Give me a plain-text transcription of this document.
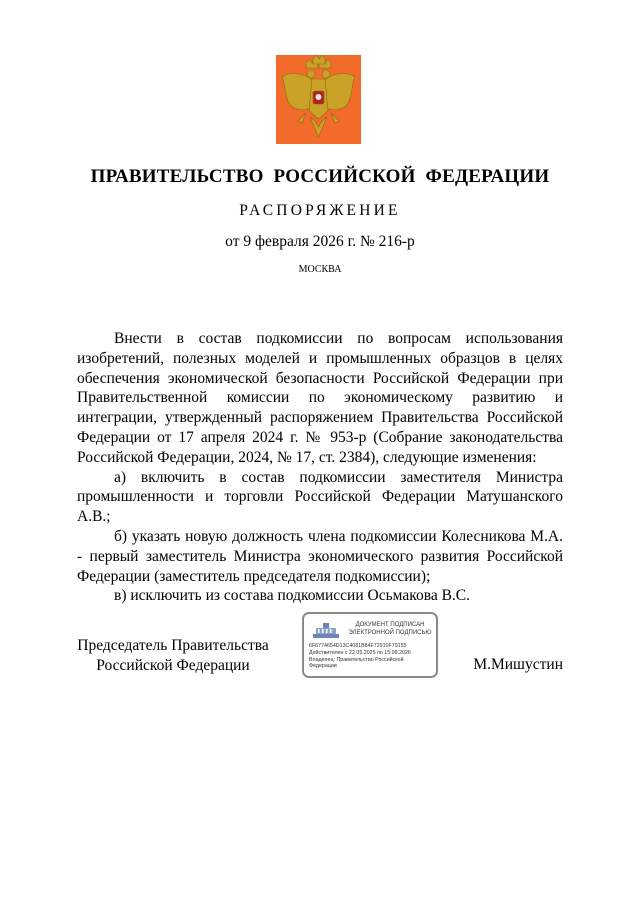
ПРАВИТЕЛЬСТВО РОССИЙСКОЙ ФЕДЕРАЦИИ
РАСПОРЯЖЕНИЕ
от 9 февраля 2026 г. № 216-р
МОСКВА

Внести в состав подкомиссии по вопросам использования изобретений, полезных моделей и промышленных образцов в целях обеспечения экономической безопасности Российской Федерации при Правительственной комиссии по экономическому развитию и интеграции, утвержденный распоряжением Правительства Российской Федерации от 17 апреля 2024 г. № 953-р (Собрание законодательства Российской Федерации, 2024, № 17, ст. 2384), следующие изменения:

а) включить в состав подкомиссии заместителя Министра промышленности и торговли Российской Федерации Матушанского А.В.;

б) указать новую должность члена подкомиссии Колесникова М.А. - первый заместитель Министра экономического развития Российской Федерации (заместитель председателя подкомиссии);

в) исключить из состава подкомиссии Осьмакова В.С.

Председатель Правительства Российской Федерации
ДОКУМЕНТ ПОДПИСАН
ЭЛЕКТРОННОЙ ПОДПИСЬЮ
6F6774654D13C4081B84F72910F79155
Действителен с 22.05.2025 по 15.08.2026
Владелец: Правительство Российской
Федерации	М.Мишустин
